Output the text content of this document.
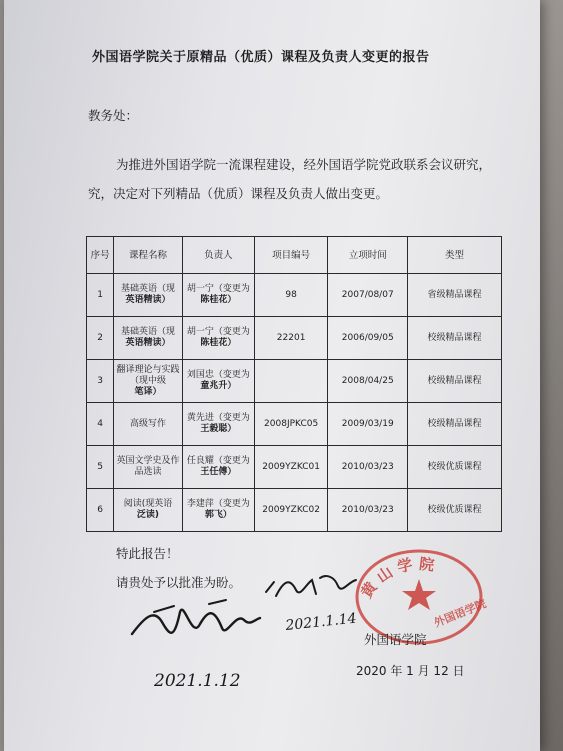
外国语学院关于原精品（优质）课程及负责人变更的报告
教务处：
为推进外国语学院一流课程建设，经外国语学院党政联系会议研究，
究，决定对下列精品（优质）课程及负责人做出变更。
序号	课程名称	负责人	项目编号	立项时间	类型
1	基础英语（现
英语精读）	胡一宁（变更为
陈桂花）	98	2007/08/07	省级精品课程
2	基础英语（现
英语精读）	胡一宁（变更为
陈桂花）	22201	2006/09/05	校级精品课程
3	翻译理论与实践（现中级
笔译）	刘国忠（变更为
童兆升）		2008/04/25	校级精品课程
4	高级写作	黄先进（变更为
王毅聪）	2008JPKC05	2009/03/19	校级精品课程
5	英国文学史及作品选读	任良耀（变更为
王任傅）	2009YZKC01	2010/03/23	校级优质课程
6	阅读(现英语
泛读)	李建萍（变更为
郭飞）	2009YZKC02	2010/03/23	校级优质课程
特此报告！
请贵处予以批准为盼。	黄 山 学 院
外国语学院
外国语学院
2020 年 1 月 12 日
2021.1.12
2021.1.14
